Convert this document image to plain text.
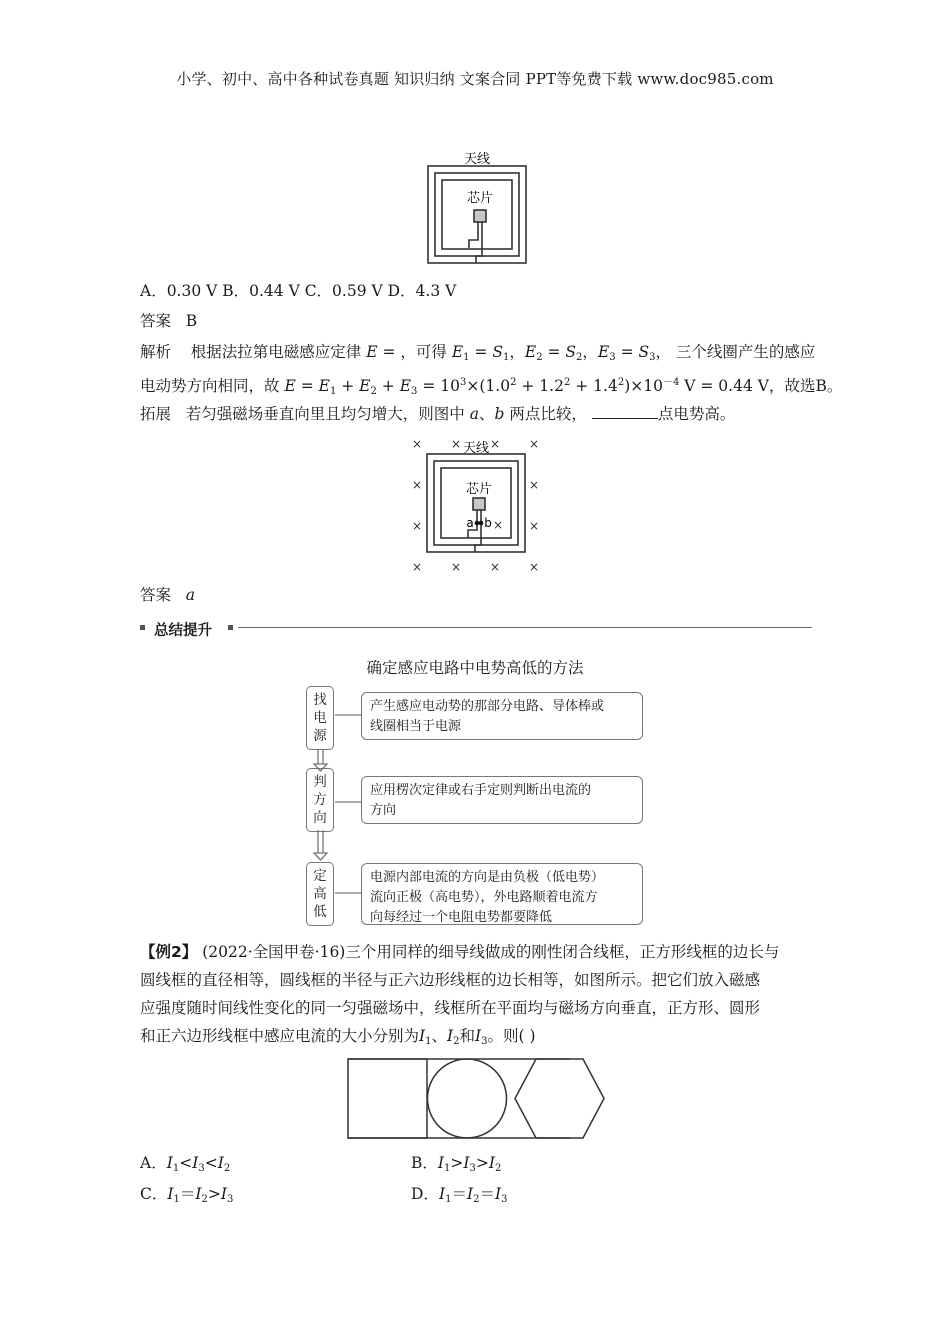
小学、初中、高中各种试卷真题 知识归纳 文案合同 PPT等免费下载 www.doc985.com
天线
芯片
A．0.30 V B．0.44 V C．0.59 V D．4.3 V
答案 B
解析 根据法拉第电磁感应定律 E = ，可得 $E_1 = S_1$，$E_2 = S_2$，$E_3 = S_3$， 三个线圈产生的感应
电动势方向相同，故 $E = E_1 + E_2 + E_3 = 10^3\times(1.0^2 + 1.2^2 + 1.4^2)\times 10^{-4}$ V = 0.44 V，故选B。
拓展 若匀强磁场垂直向里且均匀增大，则图中 a、b 两点比较，	点电势高。
× × × ×
×	×
×	×
× × × ×
×
天线
芯片
a b
答案 a
总结提升
确定感应电路中电势高低的方法
找
电
源
产生感应电动势的那部分电路、导体棒或
线圈相当于电源
判
方
向
应用楞次定律或右手定则判断出电流的
方向
定
高
低
电源内部电流的方向是由负极（低电势）
流向正极（高电势），外电路顺着电流方
向每经过一个电阻电势都要降低
【例2】 (2022·全国甲卷·16)三个用同样的细导线做成的刚性闭合线框，正方形线框的边长与
圆线框的直径相等，圆线框的半径与正六边形线框的边长相等，如图所示。把它们放入磁感
应强度随时间线性变化的同一匀强磁场中，线框所在平面均与磁场方向垂直，正方形、圆形
和正六边形线框中感应电流的大小分别为$I_1$、$I_2$和$I_3$。则( )
A．$I_1<I_3<I_2$	B．$I_1>I_3>I_2$
C．$I_1=I_2>I_3$	D．$I_1=I_2=I_3$
